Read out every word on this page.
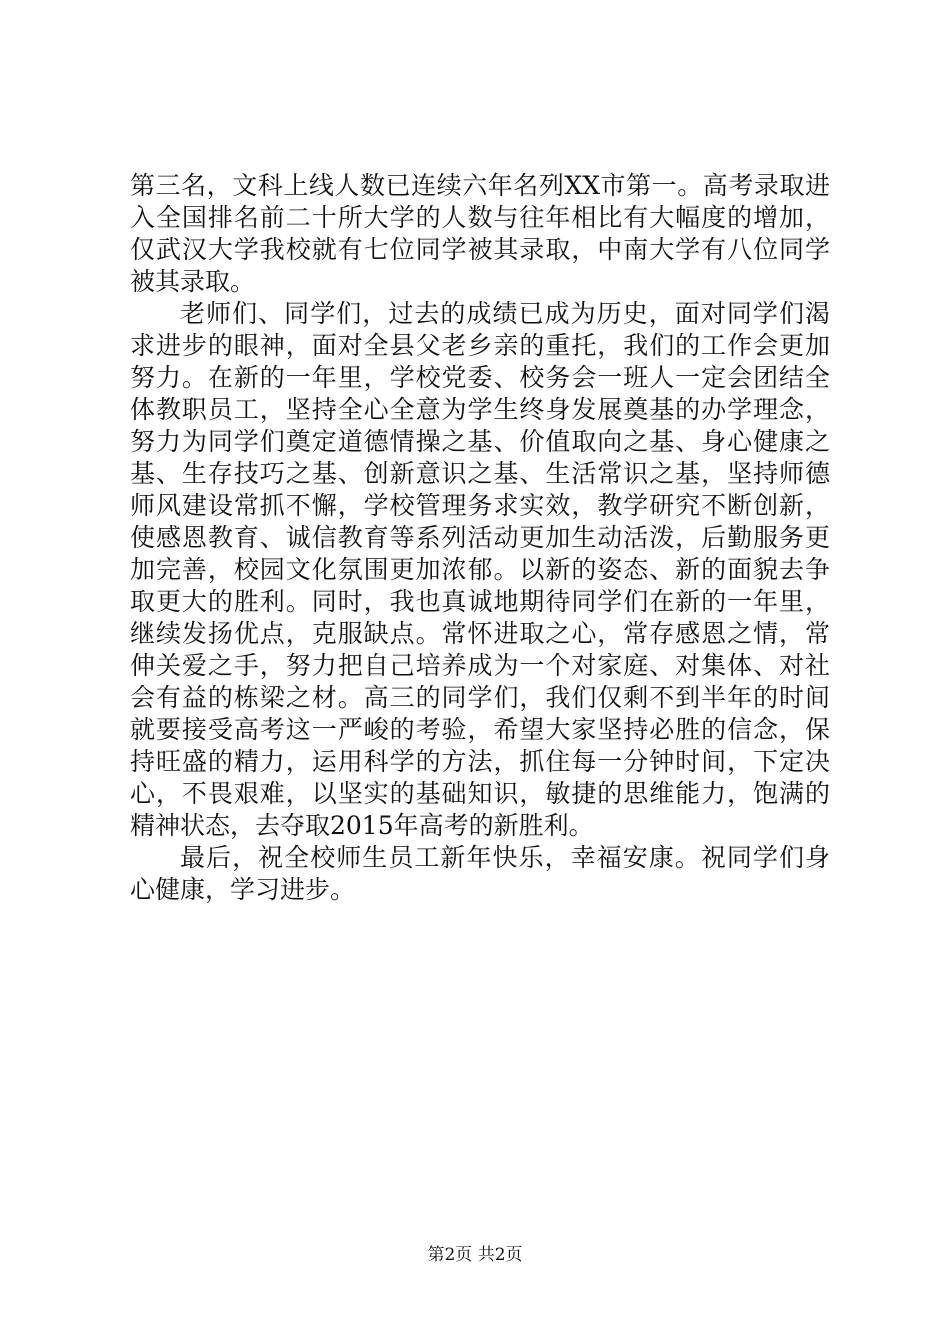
第三名，文科上线人数已连续六年名列XX市第一。高考录取进
入全国排名前二十所大学的人数与往年相比有大幅度的增加，
仅武汉大学我校就有七位同学被其录取，中南大学有八位同学
被其录取。
老师们、同学们，过去的成绩已成为历史，面对同学们渴
求进步的眼神，面对全县父老乡亲的重托，我们的工作会更加
努力。在新的一年里，学校党委、校务会一班人一定会团结全
体教职员工，坚持全心全意为学生终身发展奠基的办学理念，
努力为同学们奠定道德情操之基、价值取向之基、身心健康之
基、生存技巧之基、创新意识之基、生活常识之基，坚持师德
师风建设常抓不懈，学校管理务求实效，教学研究不断创新，
使感恩教育、诚信教育等系列活动更加生动活泼，后勤服务更
加完善，校园文化氛围更加浓郁。以新的姿态、新的面貌去争
取更大的胜利。同时，我也真诚地期待同学们在新的一年里，
继续发扬优点，克服缺点。常怀进取之心，常存感恩之情，常
伸关爱之手，努力把自己培养成为一个对家庭、对集体、对社
会有益的栋梁之材。高三的同学们，我们仅剩不到半年的时间
就要接受高考这一严峻的考验，希望大家坚持必胜的信念，保
持旺盛的精力，运用科学的方法，抓住每一分钟时间，下定决
心，不畏艰难，以坚实的基础知识，敏捷的思维能力，饱满的
精神状态，去夺取2015年高考的新胜利。
最后，祝全校师生员工新年快乐，幸福安康。祝同学们身
心健康，学习进步。
第2页 共2页
